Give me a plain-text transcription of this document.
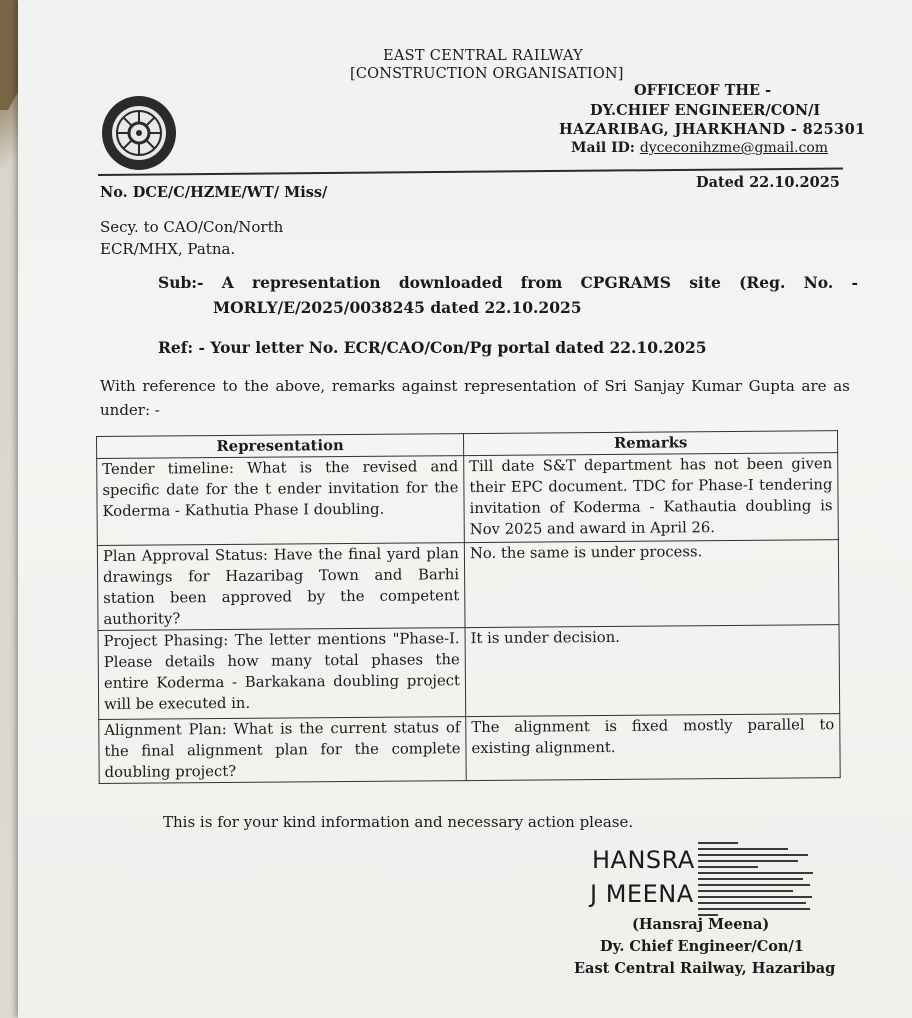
EAST CENTRAL RAILWAY
[CONSTRUCTION ORGANISATION]
OFFICEOF THE -
DY.CHIEF ENGINEER/CON/I
HAZARIBAG, JHARKHAND - 825301
Mail ID: dyceconihzme@gmail.com
No. DCE/C/HZME/WT/ Miss/
Dated 22.10.2025
Secy. to CAO/Con/North
ECR/MHX, Patna.
Sub:- A representation downloaded from CPGRAMS site (Reg. No. -
MORLY/E/2025/0038245 dated 22.10.2025
Ref: - Your letter No. ECR/CAO/Con/Pg portal dated 22.10.2025
With reference to the above, remarks against representation of Sri Sanjay Kumar Gupta are as
under: -
Representation	Remarks
Tender timeline: What is the revised and specific date for the t ender invitation for the Koderma - Kathutia Phase I doubling.	Till date S&T department has not been given their EPC document. TDC for Phase-I tendering invitation of Koderma - Kathautia doubling is Nov 2025 and award in April 26.
Plan Approval Status: Have the final yard plan drawings for Hazaribag Town and Barhi station been approved by the competent authority?	No. the same is under process.
Project Phasing: The letter mentions "Phase-I. Please details how many total phases the entire Koderma - Barkakana doubling project will be executed in.	It is under decision.
Alignment Plan: What is the current status of the final alignment plan for the complete doubling project?	The alignment is fixed mostly parallel to existing alignment.
This is for your kind information and necessary action please.
HANSRA
J MEENA
(Hansraj Meena)
Dy. Chief Engineer/Con/1
East Central Railway, Hazaribag
